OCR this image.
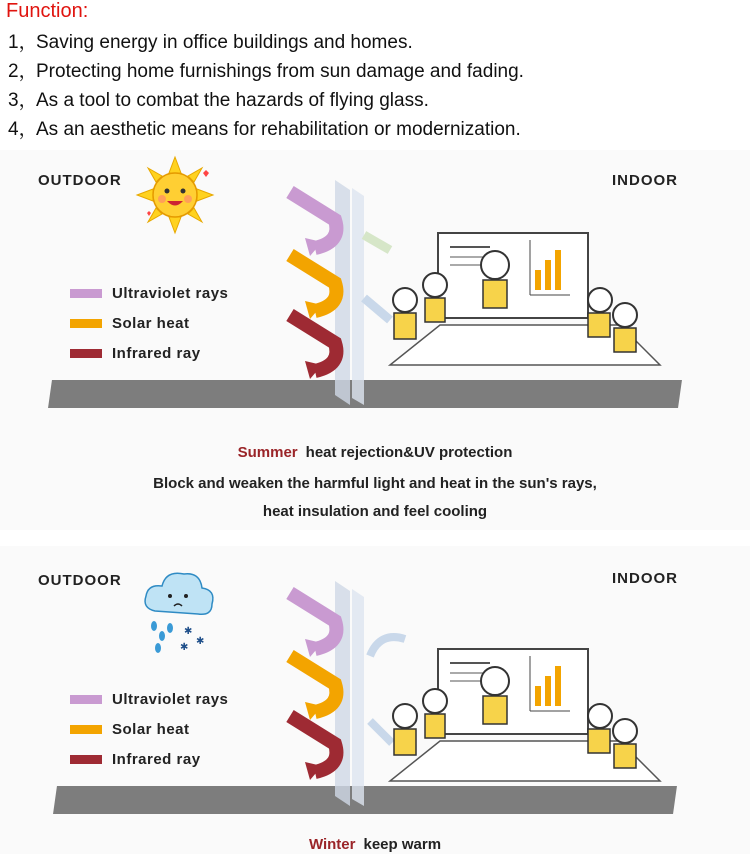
Function:
1，Saving energy in office buildings and homes.
2，Protecting home furnishings from sun damage and fading.
3，As a tool to combat the hazards of flying glass.
4，As an aesthetic means for rehabilitation or modernization.
OUTDOOR	INDOOR
Ultraviolet rays
Solar heat
Infrared ray
Summer heat rejection&UV protection
Block and weaken the harmful light and heat in the sun's rays,
heat insulation and feel cooling
OUTDOOR	INDOOR
✱
✱
✱
Ultraviolet rays
Solar heat
Infrared ray
Winter keep warm
